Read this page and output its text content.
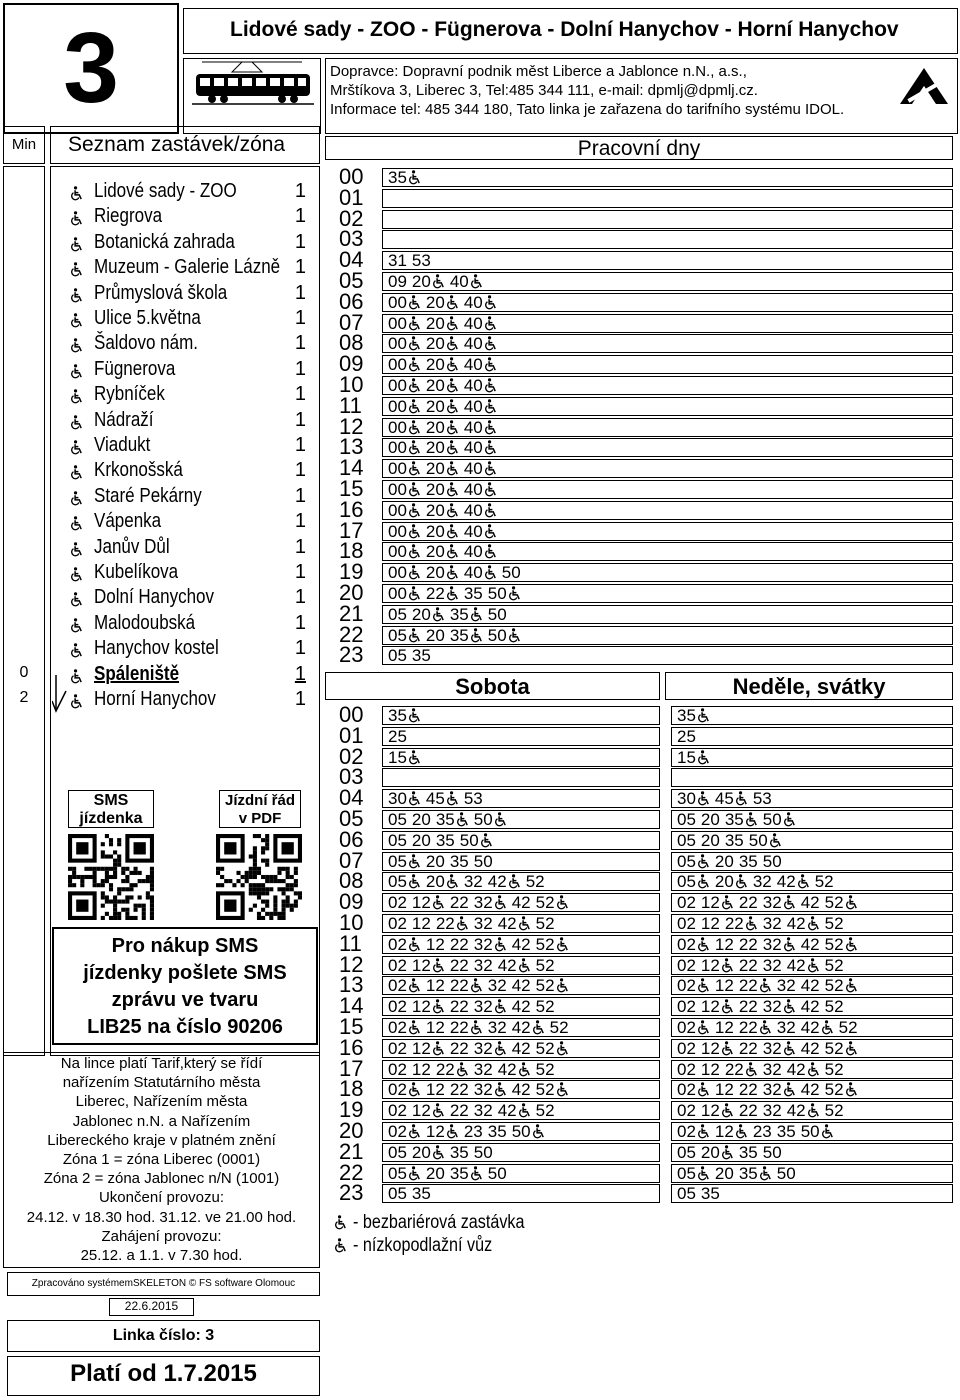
3	Lidové sady - ZOO - Fügnerova - Dolní Hanychov - Horní Hanychov
Dopravce: Dopravní podnik měst Liberce a Jablonce n.N., a.s.,
Mrštíkova 3, Liberec 3, Tel:485 344 111, e-mail: dpmlj@dpmlj.cz.
Informace tel: 485 344 180, Tato linka je zařazena do tarifního systému IDOL.
Min	Seznam zastávek/zóna
Lidové sady - ZOO	1
Riegrova	1
Botanická zahrada	1
Muzeum - Galerie Lázně 1
Průmyslová škola	1
Ulice 5.května	1
Šaldovo nám.	1
Fügnerova	1
Rybníček	1
Nádraží	1
Viadukt	1
Krkonošská	1
Staré Pekárny	1
Vápenka	1
Janův Důl	1
Kubelíkova	1
Dolní Hanychov	1
Malodoubská	1
Hanychov kostel	1
Spáleniště	1
0
Horní Hanychov	1
2
SMS
jízdenka
Jízdní řád
v PDF
Pro nákup SMS
jízdenky pošlete SMS
zprávu ve tvaru
LIB25 na číslo 90206
Na lince platí Tarif,který se řídí
nařízením Statutárního města
Liberec, Nařízením města
Jablonec n.N. a Nařízením
Libereckého kraje v platném znění
Zóna 1 = zóna Liberec (0001)
Zóna 2 = zóna Jablonec n/N (1001)
Ukončení provozu:
24.12. v 18.30 hod. 31.12. ve 21.00 hod.
Zahájení provozu:
25.12. a 1.1. v 7.30 hod.
Zpracováno systémemSKELETON © FS software Olomouc
22.6.2015
Linka číslo: 3
Platí od 1.7.2015
Pracovní dny
00	35
01
02
03
04	31 53
05	09 20 40
06	00 20 40
07	00 20 40
08	00 20 40
09	00 20 40
10	00 20 40
11	00 20 40
12	00 20 40
13	00 20 40
14	00 20 40
15	00 20 40
16	00 20 40
17	00 20 40
18	00 20 40
19	00 20 40 50
20	00 22 35 50
21	05 20 35 50
22	05 20 35 50
23	05 35
Sobota	Neděle, svátky
00	35	35
01	25	25
02	15	15
03
04	30 45 53	30 45 53
05	05 20 35 50	05 20 35 50
06	05 20 35 50	05 20 35 50
07	05 20 35 50	05 20 35 50
08	05 20 32 42 52	05 20 32 42 52
09	02 12 22 32 42 52	02 12 22 32 42 52
10	02 12 22 32 42 52	02 12 22 32 42 52
11	02 12 22 32 42 52	02 12 22 32 42 52
12	02 12 22 32 42 52	02 12 22 32 42 52
13	02 12 22 32 42 52	02 12 22 32 42 52
14	02 12 22 32 42 52	02 12 22 32 42 52
15	02 12 22 32 42 52	02 12 22 32 42 52
16	02 12 22 32 42 52	02 12 22 32 42 52
17	02 12 22 32 42 52	02 12 22 32 42 52
18	02 12 22 32 42 52	02 12 22 32 42 52
19	02 12 22 32 42 52	02 12 22 32 42 52
20	02 12 23 35 50	02 12 23 35 50
21	05 20 35 50	05 20 35 50
22	05 20 35 50	05 20 35 50
23	05 35	05 35
- bezbariérová zastávka
- nízkopodlažní vůz
